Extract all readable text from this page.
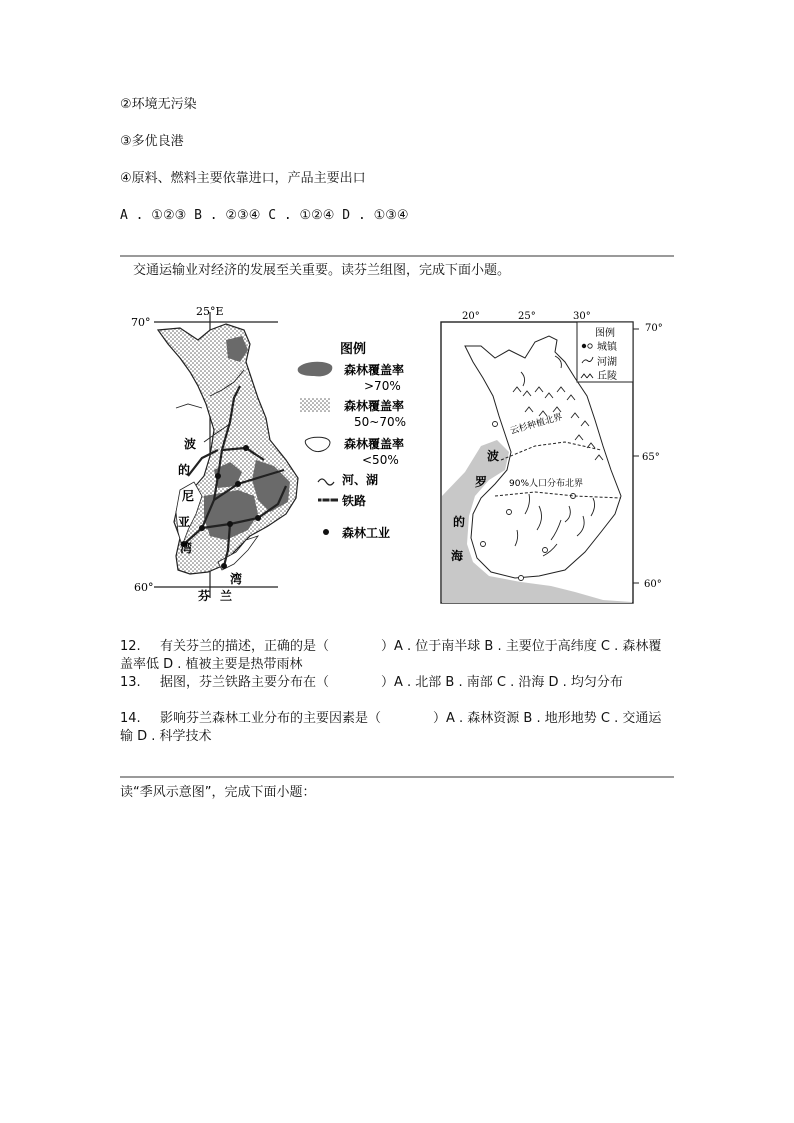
②环境无污染
③多优良港
④原料、燃料主要依靠进口，产品主要出口
A . ①②③ B . ②③④ C . ①②④ D . ①③④
交通运输业对经济的发展至关重要。读芬兰组图，完成下面小题。
25°E
70°
60°
波
的
尼
亚
湾
湾
芬 兰
图例
森林覆盖率
>70%
森林覆盖率
50~70%
森林覆盖率
<50%
河、湖
铁路
森林工业
20°	25°	30°
70°
65°
60°
云杉种植北界
90%人口分布北界
波
罗
的
海
图例
城镇
河湖
丘陵
12. 有关芬兰的描述，正确的是（　　　　）A . 位于南半球 B . 主要位于高纬度 C . 森林覆盖率低 D . 植被主要是热带雨林
13. 据图，芬兰铁路主要分布在（　　　　）A . 北部 B . 南部 C . 沿海 D . 均匀分布
14. 影响芬兰森林工业分布的主要因素是（　　　　）A . 森林资源 B . 地形地势 C . 交通运输 D . 科学技术
读“季风示意图”，完成下面小题：
